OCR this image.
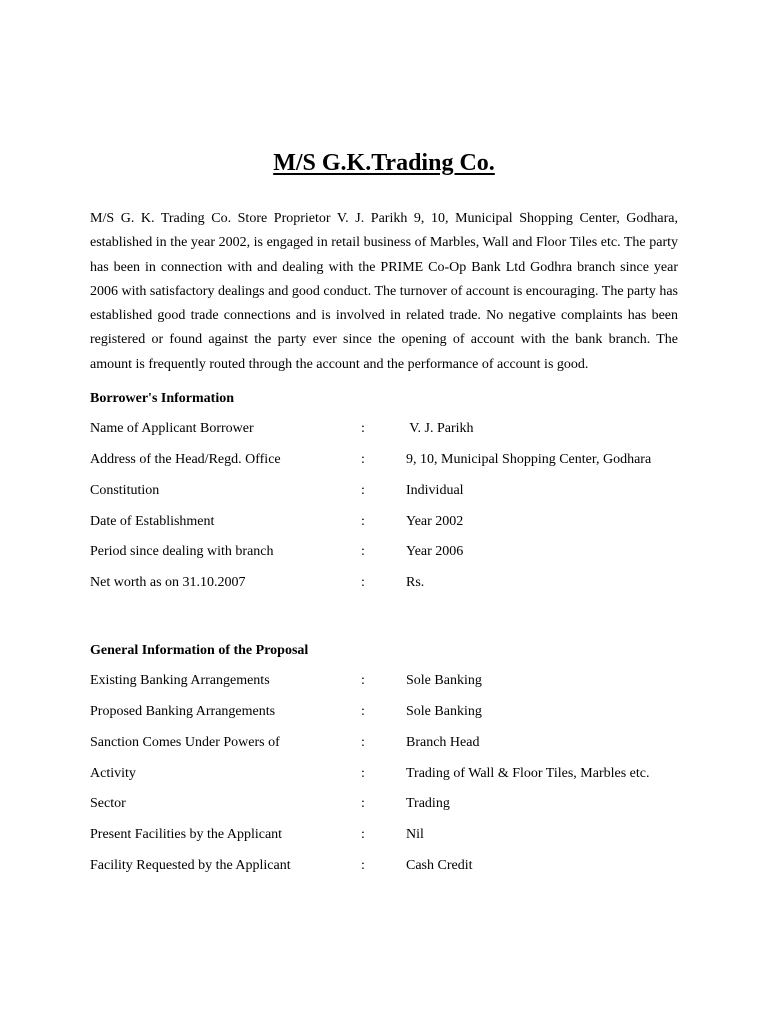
M/S G.K.Trading Co.

M/S G. K. Trading Co. Store Proprietor V. J. Parikh 9, 10, Municipal Shopping Center, Godhara, established in the year 2002, is engaged in retail business of Marbles, Wall and Floor Tiles etc. The party has been in connection with and dealing with the PRIME Co-Op Bank Ltd Godhra branch since year 2006 with satisfactory dealings and good conduct. The turnover of account is encouraging. The party has established good trade connections and is involved in related trade. No negative complaints has been registered or found against the party ever since the opening of account with the bank branch. The amount is frequently routed through the account and the performance of account is good.

Borrower's Information
Name of Applicant Borrower	:	V. J. Parikh
Address of the Head/Regd. Office	:	9, 10, Municipal Shopping Center, Godhara
Constitution	:	Individual
Date of Establishment	:	Year 2002
Period since dealing with branch	:	Year 2006
Net worth as on 31.10.2007	:	Rs.
General Information of the Proposal
Existing Banking Arrangements	:	Sole Banking
Proposed Banking Arrangements	:	Sole Banking
Sanction Comes Under Powers of	:	Branch Head
Activity	:	Trading of Wall & Floor Tiles, Marbles etc.
Sector	:	Trading
Present Facilities by the Applicant	:	Nil
Facility Requested by the Applicant	:	Cash Credit
